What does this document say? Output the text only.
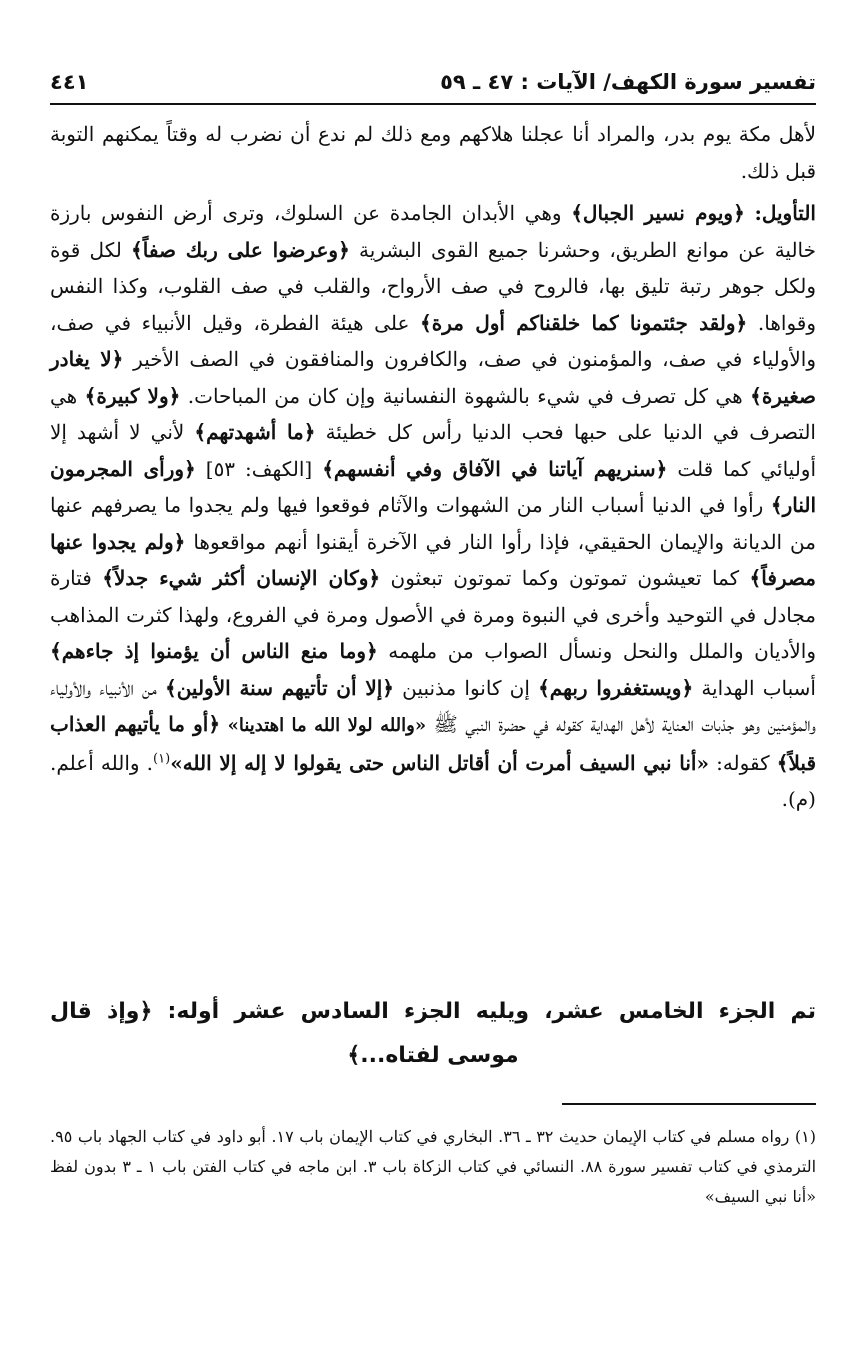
تفسير سورة الكهف/ الآيات : ٤٧ ـ ٥٩
٤٤١

لأهل مكة يوم بدر، والمراد أنا عجلنا هلاكهم ومع ذلك لم ندع أن نضرب له وقتاً يمكنهم التوبة قبل ذلك.

التأويل: ﴿ويوم نسير الجبال﴾ وهي الأبدان الجامدة عن السلوك، وترى أرض النفوس بارزة خالية عن موانع الطريق، وحشرنا جميع القوى البشرية ﴿وعرضوا على ربك صفاً﴾ لكل قوة ولكل جوهر رتبة تليق بها، فالروح في صف الأرواح، والقلب في صف القلوب، وكذا النفس وقواها. ﴿ولقد جئتمونا كما خلقناكم أول مرة﴾ على هيئة الفطرة، وقيل الأنبياء في صف، والأولياء في صف، والمؤمنون في صف، والكافرون والمنافقون في الصف الأخير ﴿لا يغادر صغيرة﴾ هي كل تصرف في شيء بالشهوة النفسانية وإن كان من المباحات. ﴿ولا كبيرة﴾ هي التصرف في الدنيا على حبها فحب الدنيا رأس كل خطيئة ﴿ما أشهدتهم﴾ لأني لا أشهد إلا أوليائي كما قلت ﴿سنريهم آياتنا في الآفاق وفي أنفسهم﴾ [الكهف: ٥٣] ﴿ورأى المجرمون النار﴾ رأوا في الدنيا أسباب النار من الشهوات والآثام فوقعوا فيها ولم يجدوا ما يصرفهم عنها من الديانة والإيمان الحقيقي، فإذا رأوا النار في الآخرة أيقنوا أنهم مواقعوها ﴿ولم يجدوا عنها مصرفاً﴾ كما تعيشون تموتون وكما تموتون تبعثون ﴿وكان الإنسان أكثر شيء جدلاً﴾ فتارة مجادل في التوحيد وأخرى في النبوة ومرة في الأصول ومرة في الفروع، ولهذا كثرت المذاهب والأديان والملل والنحل ونسأل الصواب من ملهمه ﴿وما منع الناس أن يؤمنوا إذ جاءهم﴾ أسباب الهداية ﴿ويستغفروا ربهم﴾ إن كانوا مذنبين ﴿إلا أن تأتيهم سنة الأولين﴾ من الأنبياء والأولياء والمؤمنين وهو جذبات العناية لأهل الهداية كقوله في حضرة النبي ﷺ «والله لولا الله ما اهتدينا» ﴿أو ما يأتيهم العذاب قبلاً﴾ كقوله: «أنا نبي السيف أمرت أن أقاتل الناس حتى يقولوا لا إله إلا الله»$^{(١)}$. والله أعلم. (م).

تم الجزء الخامس عشر، ويليه الجزء السادس عشر أوله: ﴿وإذ قال موسى لفتاه...﴾

(١) رواه مسلم في كتاب الإيمان حديث ٣٢ ـ ٣٦. البخاري في كتاب الإيمان باب ١٧. أبو داود في كتاب الجهاد باب ٩٥. الترمذي في كتاب تفسير سورة ٨٨. النسائي في كتاب الزكاة باب ٣. ابن ماجه في كتاب الفتن باب ١ ـ ٣ بدون لفظ «أنا نبي السيف»
